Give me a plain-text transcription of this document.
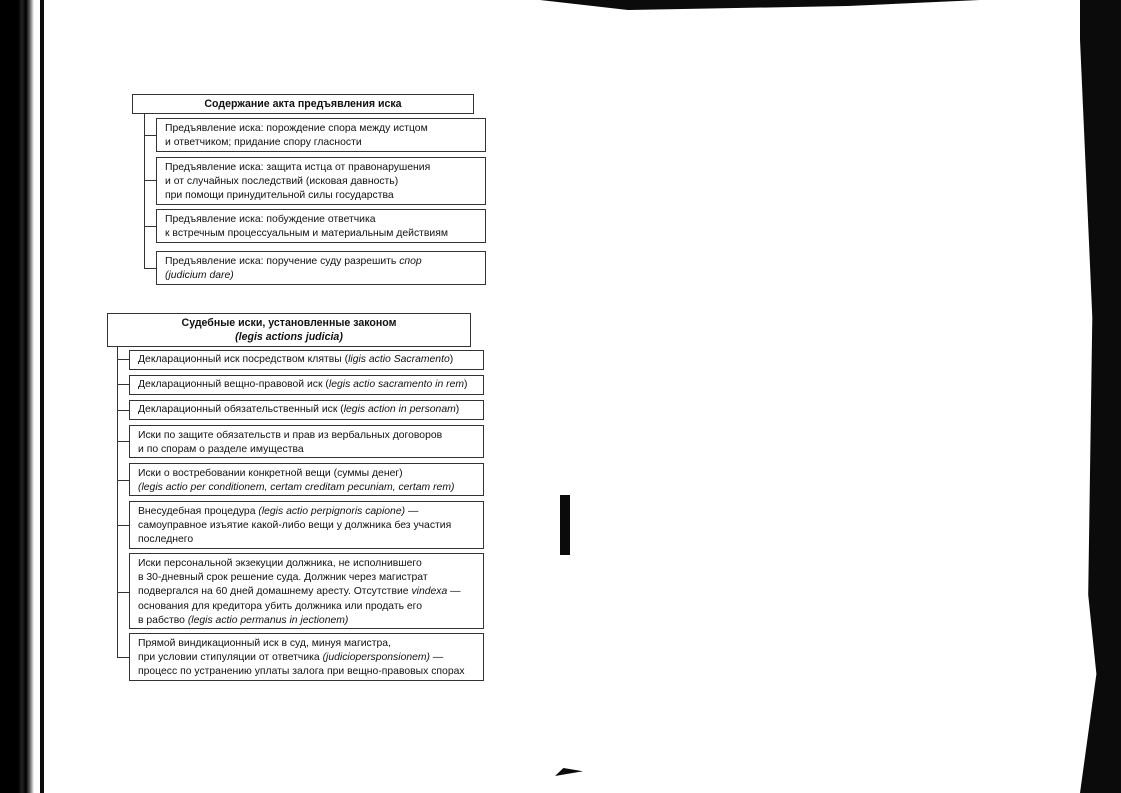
Содержание акта предъявления иска
Предъявление иска: порождение спора между истцом
и ответчиком; придание спору гласности
Предъявление иска: защита истца от правонарушения
и от случайных последствий (исковая давность)
при помощи принудительной силы государства
Предъявление иска: побуждение ответчика
к встречным процессуальным и материальным действиям
Предъявление иска: поручение суду разрешить спор
(judicium dare)
Судебные иски, установленные законом
(legis actions judicia)
Декларационный иск посредством клятвы (ligis actio Sacramento)
Декларационный вещно-правовой иск (legis actio sacramento in rem)
Декларационный обязательственный иск (legis action in personam)
Иски по защите обязательств и прав из вербальных договоров
и по спорам о разделе имущества
Иски о востребовании конкретной вещи (суммы денег)
(legis actio per conditionem, certam creditam pecuniam, certam rem)
Внесудебная процедура (legis actio perpignoris capione) —
самоуправное изъятие какой-либо вещи у должника без участия
последнего
Иски персональной экзекуции должника, не исполнившего
в 30-дневный срок решение суда. Должник через магистрат
подвергался на 60 дней домашнему аресту. Отсутствие vindexa —
основания для кредитора убить должника или продать его
в рабство (legis actio permanus in jectionem)
Прямой виндикационный иск в суд, минуя магистра,
при условии стипуляции от ответчика (judiciopersponsionem) —
процесс по устранению уплаты залога при вещно-правовых спорах
